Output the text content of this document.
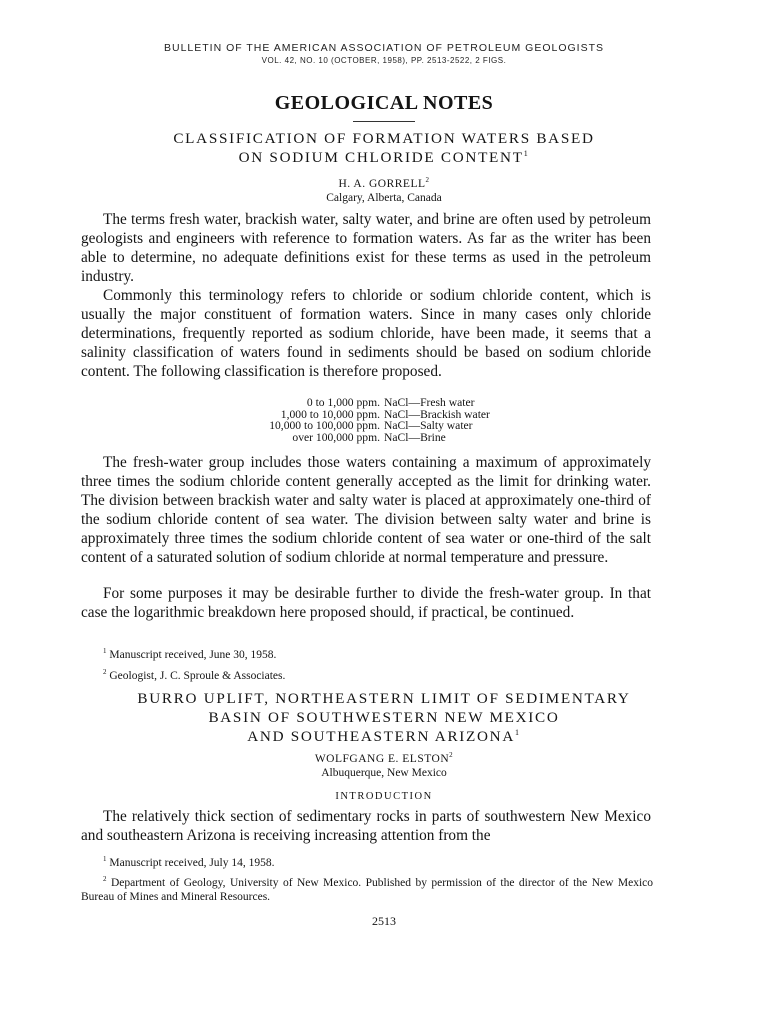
BULLETIN OF THE AMERICAN ASSOCIATION OF PETROLEUM GEOLOGISTS
VOL. 42, NO. 10 (OCTOBER, 1958), PP. 2513-2522, 2 FIGS.
GEOLOGICAL NOTES
CLASSIFICATION OF FORMATION WATERS BASED
ON SODIUM CHLORIDE CONTENT$^1$
H. A. GORRELL$^2$
Calgary, Alberta, Canada

The terms fresh water, brackish water, salty water, and brine are often used by petroleum geologists and engineers with reference to formation waters. As far as the writer has been able to determine, no adequate definitions exist for these terms as used in the petroleum industry.

Commonly this terminology refers to chloride or sodium chloride content, which is usually the major constituent of formation waters. Since in many cases only chloride determinations, frequently reported as sodium chloride, have been made, it seems that a salinity classification of waters found in sediments should be based on sodium chloride content. The following classification is therefore proposed.

0 to 1,000 ppm. NaCl—Fresh water
1,000 to 10,000 ppm. NaCl—Brackish water
10,000 to 100,000 ppm. NaCl—Salty water
over 100,000 ppm. NaCl—Brine

The fresh-water group includes those waters containing a maximum of approximately three times the sodium chloride content generally accepted as the limit for drinking water. The division between brackish water and salty water is placed at approximately one-third of the sodium chloride content of sea water. The division between salty water and brine is approximately three times the sodium chloride content of sea water or one-third of the salt content of a saturated solution of sodium chloride at normal temperature and pressure.

For some purposes it may be desirable further to divide the fresh-water group. In that case the logarithmic breakdown here proposed should, if practical, be continued.

$^1$ Manuscript received, June 30, 1958.

$^2$ Geologist, J. C. Sproule & Associates.

BURRO UPLIFT, NORTHEASTERN LIMIT OF SEDIMENTARY
BASIN OF SOUTHWESTERN NEW MEXICO
AND SOUTHEASTERN ARIZONA$^1$
WOLFGANG E. ELSTON$^2$
Albuquerque, New Mexico
INTRODUCTION

The relatively thick section of sedimentary rocks in parts of southwestern New Mexico and southeastern Arizona is receiving increasing attention from the

$^1$ Manuscript received, July 14, 1958.

$^2$ Department of Geology, University of New Mexico. Published by permission of the director of the New Mexico Bureau of Mines and Mineral Resources.

2513
